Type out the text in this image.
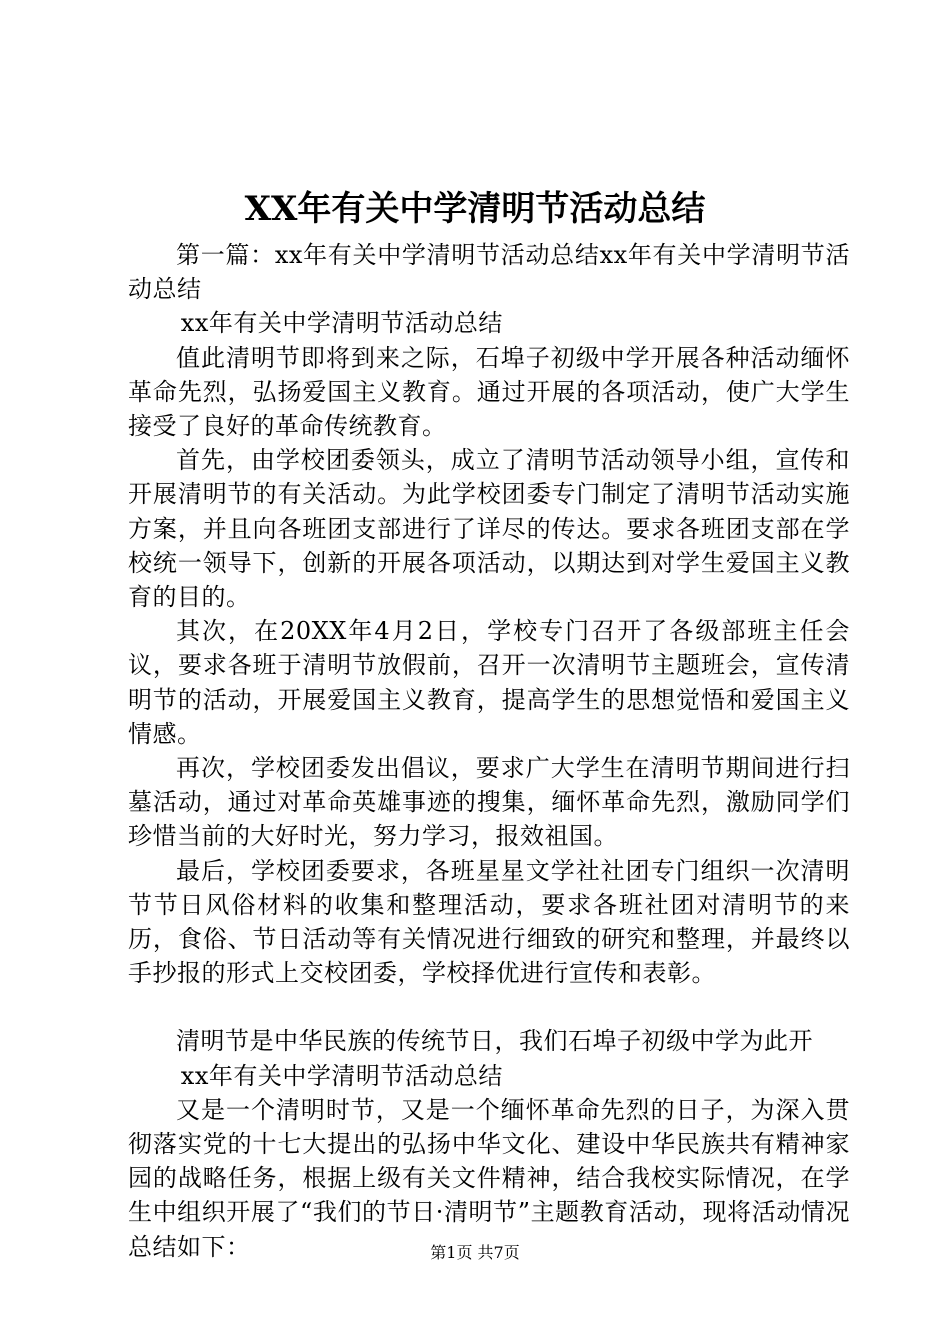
XX年有关中学清明节活动总结

第一篇：xx年有关中学清明节活动总结xx年有关中学清明节活动总结

xx年有关中学清明节活动总结

值此清明节即将到来之际，石埠子初级中学开展各种活动缅怀革命先烈，弘扬爱国主义教育。通过开展的各项活动，使广大学生接受了良好的革命传统教育。

首先，由学校团委领头，成立了清明节活动领导小组，宣传和开展清明节的有关活动。为此学校团委专门制定了清明节活动实施方案，并且向各班团支部进行了详尽的传达。要求各班团支部在学校统一领导下，创新的开展各项活动，以期达到对学生爱国主义教育的目的。

其次，在20XX年4月2日，学校专门召开了各级部班主任会议，要求各班于清明节放假前，召开一次清明节主题班会，宣传清明节的活动，开展爱国主义教育，提高学生的思想觉悟和爱国主义情感。

再次，学校团委发出倡议，要求广大学生在清明节期间进行扫墓活动，通过对革命英雄事迹的搜集，缅怀革命先烈，激励同学们珍惜当前的大好时光，努力学习，报效祖国。

最后，学校团委要求，各班星星文学社社团专门组织一次清明节节日风俗材料的收集和整理活动，要求各班社团对清明节的来历，食俗、节日活动等有关情况进行细致的研究和整理，并最终以手抄报的形式上交校团委，学校择优进行宣传和表彰。

清明节是中华民族的传统节日，我们石埠子初级中学为此开

xx年有关中学清明节活动总结

又是一个清明时节，又是一个缅怀革命先烈的日子，为深入贯彻落实党的十七大提出的弘扬中华文化、建设中华民族共有精神家园的战略任务，根据上级有关文件精神，结合我校实际情况，在学生中组织开展了“我们的节日·清明节”主题教育活动，现将活动情况总结如下：	第1页 共7页
